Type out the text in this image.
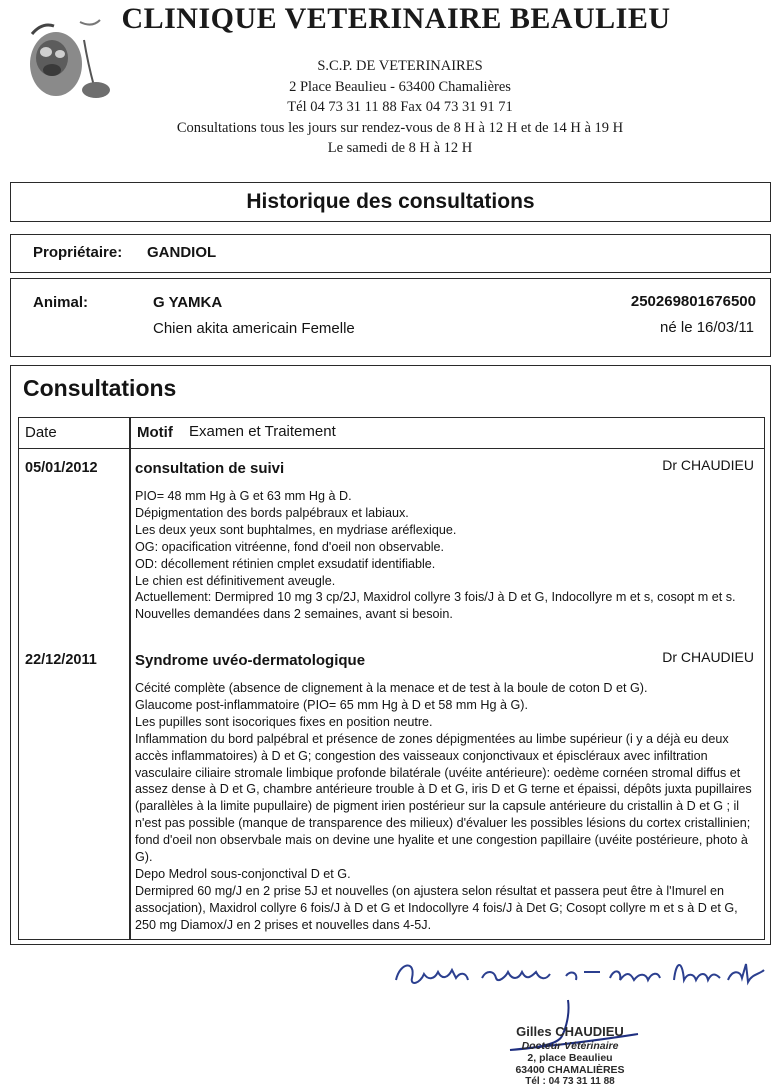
CLINIQUE VETERINAIRE BEAULIEU
S.C.P. DE VETERINAIRES
2 Place Beaulieu - 63400 Chamalières
Tél 04 73 31 11 88 Fax 04 73 31 91 71
Consultations tous les jours sur rendez-vous de 8 H à 12 H et de 14 H à 19 H
Le samedi de 8 H à 12 H
Historique des consultations
Propriétaire: GANDIOL
Animal:	G YAMKA
Chien akita americain Femelle
250269801676500
né le 16/03/11
Consultations
Date	Motif Examen et Traitement
05/01/2012 consultation de suivi	Dr CHAUDIEU
PIO= 48 mm Hg à G et 63 mm Hg à D.
Dépigmentation des bords palpébraux et labiaux.
Les deux yeux sont buphtalmes, en mydriase aréflexique.
OG: opacification vitréenne, fond d'oeil non observable.
OD: décollement rétinien cmplet exsudatif identifiable.
Le chien est définitivement aveugle.
Actuellement: Dermipred 10 mg 3 cp/2J, Maxidrol collyre 3 fois/J à D et G, Indocollyre m et s, cosopt m et s.
Nouvelles demandées dans 2 semaines, avant si besoin.
22/12/2011	Syndrome uvéo-dermatologique	Dr CHAUDIEU
Cécité complète (absence de clignement à la menace et de test à la boule de coton D et G).
Glaucome post-inflammatoire (PIO= 65 mm Hg à D et 58 mm Hg à G).
Les pupilles sont isocoriques fixes en position neutre.
Inflammation du bord palpébral et présence de zones dépigmentées au limbe supérieur (i y a déjà eu deux accès inflammatoires) à D et G; congestion des vaisseaux conjonctivaux et épiscléraux avec infiltration vasculaire ciliaire stromale limbique profonde bilatérale (uvéite antérieure): oedème cornéen stromal diffus et assez dense à D et G, chambre antérieure trouble à D et G, iris D et G terne et épaissi, dépôts juxta pupillaires (parallèles à la limite pupullaire) de pigment irien postérieur sur la capsule antérieure du cristallin à D et G ; il n'est pas possible (manque de transparence des milieux) d'évaluer les possibles lésions du cortex cristallinien; fond d'oeil non observbale mais on devine une hyalite et une congestion papillaire (uvéite postérieure, photo à G).
Depo Medrol sous-conjonctival D et G.
Dermipred 60 mg/J en 2 prise 5J et nouvelles (on ajustera selon résultat et passera peut être à l'Imurel en assocjation), Maxidrol collyre 6 fois/J à D et G et Indocollyre 4 fois/J à Det G; Cosopt collyre m et s à D et G, 250 mg Diamox/J en 2 prises et nouvelles dans 4-5J.
Gilles CHAUDIEU
Docteur Vétérinaire
2, place Beaulieu
63400 CHAMALIÈRES
Tél : 04 73 31 11 88
